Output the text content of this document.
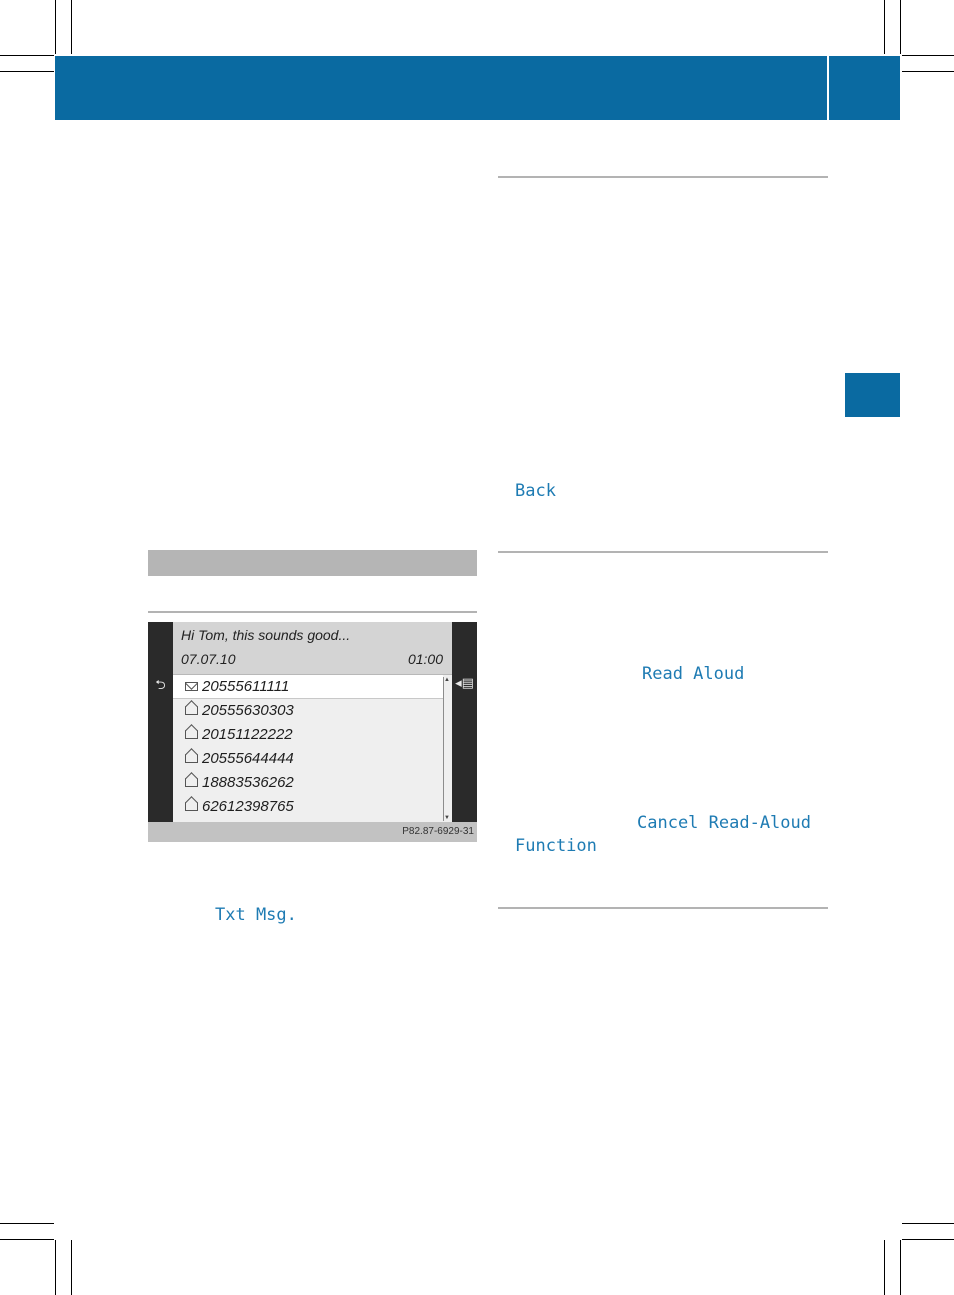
⮌	◂▤
Hi Tom, this sounds good...
07.07.10	01:00
20555611111
20555630303
20151122222
20555644444
18883536262
62612398765
▲
▼
P82.87-6929-31
Txt Msg.
Back
Read Aloud
Cancel Read-Aloud
Function
